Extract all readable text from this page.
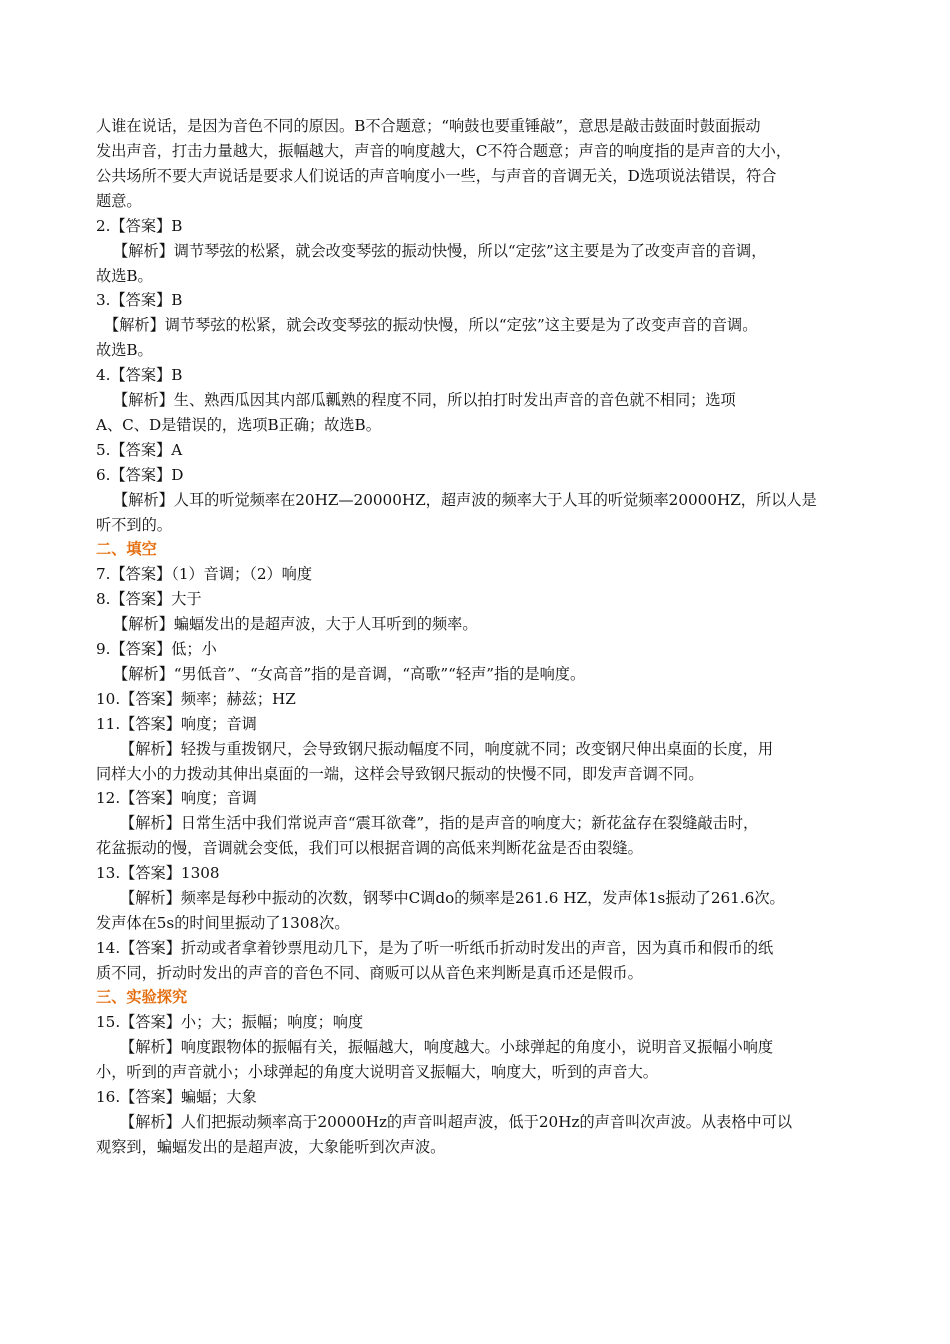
人谁在说话，是因为音色不同的原因。B不合题意；“响鼓也要重锤敲”，意思是敲击鼓面时鼓面振动
发出声音，打击力量越大，振幅越大，声音的响度越大，C不符合题意；声音的响度指的是声音的大小，
公共场所不要大声说话是要求人们说话的声音响度小一些，与声音的音调无关，D选项说法错误，符合
题意。
2.【答案】B
【解析】调节琴弦的松紧，就会改变琴弦的振动快慢，所以“定弦”这主要是为了改变声音的音调，
故选B。
3.【答案】B
【解析】调节琴弦的松紧，就会改变琴弦的振动快慢，所以“定弦”这主要是为了改变声音的音调。
故选B。
4.【答案】B
【解析】生、熟西瓜因其内部瓜瓤熟的程度不同，所以拍打时发出声音的音色就不相同；选项
A、C、D是错误的，选项B正确；故选B。
5.【答案】A
6.【答案】D
【解析】人耳的听觉频率在20HZ—20000HZ，超声波的频率大于人耳的听觉频率20000HZ，所以人是
听不到的。
二、填空
7.【答案】（1）音调；（2）响度
8.【答案】大于
【解析】蝙蝠发出的是超声波，大于人耳听到的频率。
9.【答案】低；小
【解析】“男低音”、“女高音”指的是音调，“高歌”“轻声”指的是响度。
10.【答案】频率；赫兹；HZ
11.【答案】响度；音调
【解析】轻拨与重拨钢尺，会导致钢尺振动幅度不同，响度就不同；改变钢尺伸出桌面的长度，用
同样大小的力拨动其伸出桌面的一端，这样会导致钢尺振动的快慢不同，即发声音调不同。
12.【答案】响度；音调
【解析】日常生活中我们常说声音“震耳欲聋”，指的是声音的响度大；新花盆存在裂缝敲击时，
花盆振动的慢，音调就会变低，我们可以根据音调的高低来判断花盆是否由裂缝。
13.【答案】1308
【解析】频率是每秒中振动的次数，钢琴中C调do的频率是261.6 HZ，发声体1s振动了261.6次。
发声体在5s的时间里振动了1308次。
14.【答案】折动或者拿着钞票甩动几下，是为了听一听纸币折动时发出的声音，因为真币和假币的纸
质不同，折动时发出的声音的音色不同、商贩可以从音色来判断是真币还是假币。
三、实验探究
15.【答案】小；大；振幅；响度；响度
【解析】响度跟物体的振幅有关，振幅越大，响度越大。小球弹起的角度小，说明音叉振幅小响度
小，听到的声音就小；小球弹起的角度大说明音叉振幅大，响度大，听到的声音大。
16.【答案】蝙蝠；大象
【解析】人们把振动频率高于20000Hz的声音叫超声波，低于20Hz的声音叫次声波。从表格中可以
观察到，蝙蝠发出的是超声波，大象能听到次声波。
